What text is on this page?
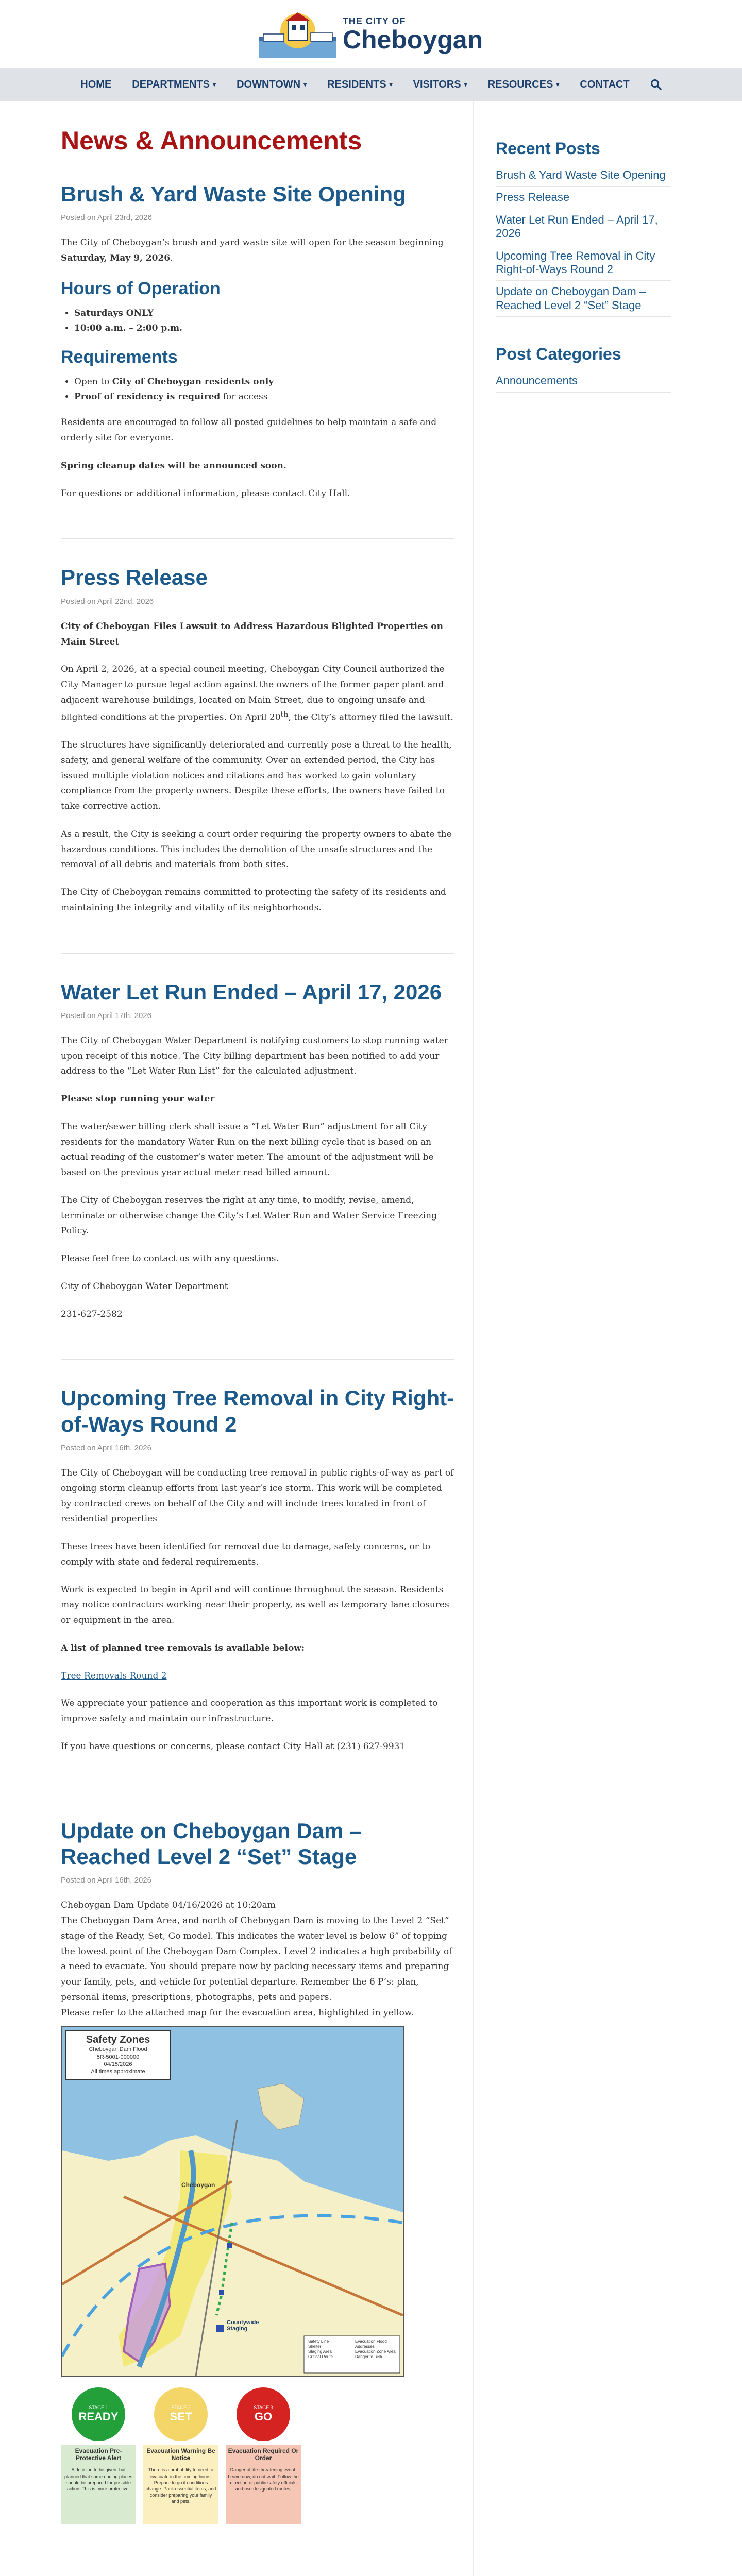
THE CITY OF
Cheboygan
HOME DEPARTMENTS ▾ DOWNTOWN ▾ RESIDENTS ▾ VISITORS ▾ RESOURCES ▾ CONTACT
News & Announcements
Brush & Yard Waste Site Opening
Posted on April 23rd, 2026

The City of Cheboygan’s brush and yard waste site will open for the season beginning Saturday, May 9, 2026.

Hours of Operation
• Saturdays ONLY
• 10:00 a.m. – 2:00 p.m.
Requirements
• Open to City of Cheboygan residents only
• Proof of residency is required for access

Residents are encouraged to follow all posted guidelines to help maintain a safe and orderly site for everyone.

Spring cleanup dates will be announced soon.

For questions or additional information, please contact City Hall.

Press Release
Posted on April 22nd, 2026

City of Cheboygan Files Lawsuit to Address Hazardous Blighted Properties on Main Street

On April 2, 2026, at a special council meeting, Cheboygan City Council authorized the City Manager to pursue legal action against the owners of the former paper plant and adjacent warehouse buildings, located on Main Street, due to ongoing unsafe and blighted conditions at the properties. On April 20th, the City’s attorney filed the lawsuit.

The structures have significantly deteriorated and currently pose a threat to the health, safety, and general welfare of the community. Over an extended period, the City has issued multiple violation notices and citations and has worked to gain voluntary compliance from the property owners. Despite these efforts, the owners have failed to take corrective action.

As a result, the City is seeking a court order requiring the property owners to abate the hazardous conditions. This includes the demolition of the unsafe structures and the removal of all debris and materials from both sites.

The City of Cheboygan remains committed to protecting the safety of its residents and maintaining the integrity and vitality of its neighborhoods.

Water Let Run Ended – April 17, 2026
Posted on April 17th, 2026

The City of Cheboygan Water Department is notifying customers to stop running water upon receipt of this notice. The City billing department has been notified to add your address to the “Let Water Run List” for the calculated adjustment.

Please stop running your water

The water/sewer billing clerk shall issue a “Let Water Run” adjustment for all City residents for the mandatory Water Run on the next billing cycle that is based on an actual reading of the customer’s water meter. The amount of the adjustment will be based on the previous year actual meter read billed amount.

The City of Cheboygan reserves the right at any time, to modify, revise, amend, terminate or otherwise change the City’s Let Water Run and Water Service Freezing Policy.

Please feel free to contact us with any questions.

City of Cheboygan Water Department

231-627-2582

Upcoming Tree Removal in City Right-of-Ways Round 2
Posted on April 16th, 2026

The City of Cheboygan will be conducting tree removal in public rights-of-way as part of ongoing storm cleanup efforts from last year’s ice storm. This work will be completed by contracted crews on behalf of the City and will include trees located in front of residential properties

These trees have been identified for removal due to damage, safety concerns, or to comply with state and federal requirements.

Work is expected to begin in April and will continue throughout the season. Residents may notice contractors working near their property, as well as temporary lane closures or equipment in the area.

A list of planned tree removals is available below:

Tree Removals Round 2

We appreciate your patience and cooperation as this important work is completed to improve safety and maintain our infrastructure.

If you have questions or concerns, please contact City Hall at (231) 627-9931

Update on Cheboygan Dam – Reached Level 2 “Set” Stage
Posted on April 16th, 2026

Cheboygan Dam Update 04/16/2026 at 10:20am

The Cheboygan Dam Area, and north of Cheboygan Dam is moving to the Level 2 “Set” stage of the Ready, Set, Go model. This indicates the water level is below 6” of topping the lowest point of the Cheboygan Dam Complex. Level 2 indicates a high probability of a need to evacuate. You should prepare now by packing necessary items and preparing your family, pets, and vehicle for potential departure. Remember the 6 P’s: plan, personal items, prescriptions, photographs, pets and papers.

Please refer to the attached map for the evacuation area, highlighted in yellow.

Safety Zones
Cheboygan Dam Flood
5R-5001-000000
04/15/2026
All times approximate
Cheboygan
Countywide Staging
Safety Line
Shelter
Staging Area
Critical Route
Evacuation Flood Addresses
Evacuation Zone Area
Danger to Risk
STAGE 1
READY
Evacuation Pre-Protective Alert
A decision to be given, but planned that some ending places should be prepared for possible action. This is more protective.
STAGE 2
SET
Evacuation Warning Be Notice
There is a probability to need to evacuate in the coming hours. Prepare to go if conditions change. Pack essential items, and consider preparing your family and pets.
STAGE 3
GO
Evacuation Required Or Order
Danger of life-threatening event. Leave now, do not wait. Follow the direction of public safety officials and use designated routes.
Recent Posts
Brush & Yard Waste Site Opening
Press Release
Water Let Run Ended – April 17, 2026
Upcoming Tree Removal in City Right-of-Ways Round 2
Update on Cheboygan Dam – Reached Level 2 “Set” Stage
Post Categories
Announcements
